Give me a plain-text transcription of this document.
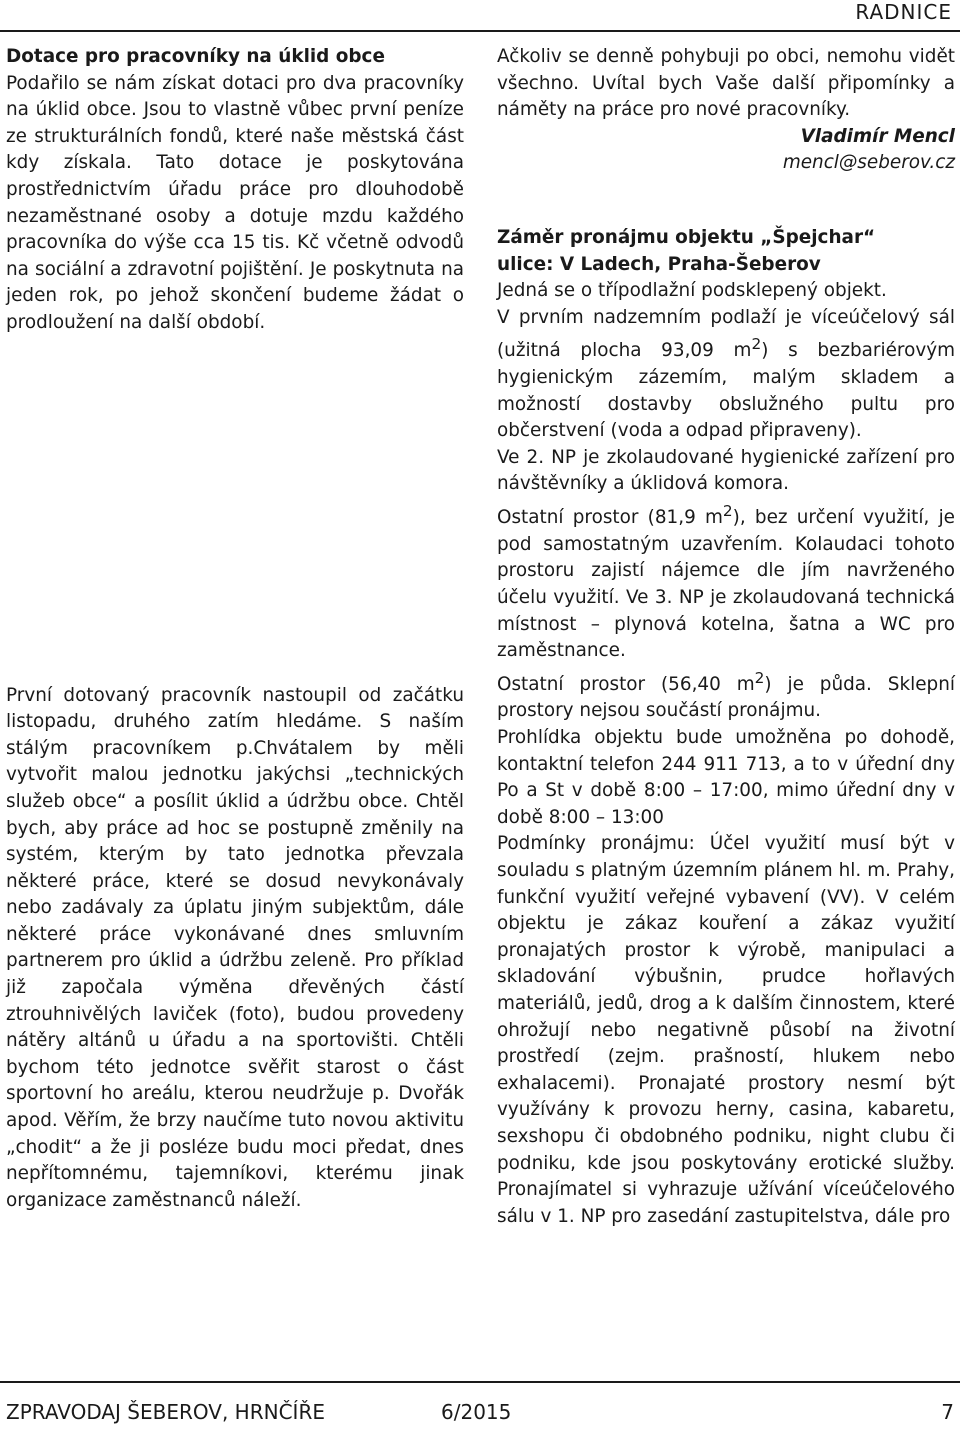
RADNICE

Dotace pro pracovníky na úklid obce

Podařilo se nám získat dotaci pro dva pracovníky na úklid obce. Jsou to vlastně vůbec první peníze ze strukturálních fondů, které naše městská část kdy získala. Tato dotace je poskytována prostřednictvím úřadu práce pro dlouhodobě nezaměstnané osoby a dotuje mzdu každého pracovníka do výše cca 15 tis. Kč včetně odvodů na sociální a zdravotní pojištění. Je poskytnuta na jeden rok, po jehož skončení budeme žádat o prodloužení na další období.

První dotovaný pracovník nastoupil od začátku listopadu, druhého zatím hledáme. S naším stálým pracovníkem p.Chvátalem by měli vytvořit malou jednotku jakýchsi „technických služeb obce“ a posílit úklid a údržbu obce. Chtěl bych, aby práce ad hoc se postupně změnily na systém, kterým by tato jednotka převzala některé práce, které se dosud nevykonávaly nebo zadávaly za úplatu jiným subjektům, dále některé práce vykonávané dnes smluvním partnerem pro úklid a údržbu zeleně. Pro příklad již započala výměna dřevěných částí ztrouhnivělých laviček (foto), budou provedeny nátěry altánů u úřadu a na sportovišti. Chtěli bychom této jednotce svěřit starost o část sportovní ho areálu, kterou neudržuje p. Dvořák apod. Věřím, že brzy naučíme tuto novou aktivitu „chodit“ a že ji posléze budu moci předat, dnes nepřítomnému, tajemníkovi, kterému jinak organizace zaměstnanců náleží.

Ačkoliv se denně pohybuji po obci, nemohu vidět všechno. Uvítal bych Vaše další připomínky a náměty na práce pro nové pracovníky.

Vladimír Mencl

mencl@seberov.cz

Záměr pronájmu objektu „Špejchar“

ulice: V Ladech, Praha-Šeberov

Jedná se o třípodlažní podsklepený objekt.

V prvním nadzemním podlaží je víceúčelový sál (užitná plocha 93,09 $m^2$) s bezbariérovým hygienickým zázemím, malým skladem a možností dostavby obslužného pultu pro občerstvení (voda a odpad připraveny).

Ve 2. NP je zkolaudované hygienické zařízení pro návštěvníky a úklidová komora.

Ostatní prostor (81,9 $m^2$), bez určení využití, je pod samostatným uzavřením. Kolaudaci tohoto prostoru zajistí nájemce dle jím navrženého účelu využití. Ve 3. NP je zkolaudovaná technická místnost – plynová kotelna, šatna a WC pro zaměstnance.

Ostatní prostor (56,40 $m^2$) je půda. Sklepní prostory nejsou součástí pronájmu.

Prohlídka objektu bude umožněna po dohodě, kontaktní telefon 244 911 713, a to v úřední dny Po a St v době 8:00 – 17:00, mimo úřední dny v době 8:00 – 13:00

Podmínky pronájmu: Účel využití musí být v souladu s platným územním plánem hl. m. Prahy, funkční využití veřejné vybavení (VV). V celém objektu je zákaz kouření a zákaz využití pronajatých prostor k výrobě, manipulaci a skladování výbušnin, prudce hořlavých materiálů, jedů, drog a k dalším činnostem, které ohrožují nebo negativně působí na životní prostředí (zejm. prašností, hlukem nebo exhalacemi). Pronajaté prostory nesmí být využívány k provozu herny, casina, kabaretu, sexshopu či obdobného podniku, night clubu či podniku, kde jsou poskytovány erotické služby. Pronajímatel si vyhrazuje užívání víceúčelového sálu v 1. NP pro zasedání zastupitelstva, dále pro

ZPRAVODAJ ŠEBEROV, HRNČÍŘE	6/2015	7
